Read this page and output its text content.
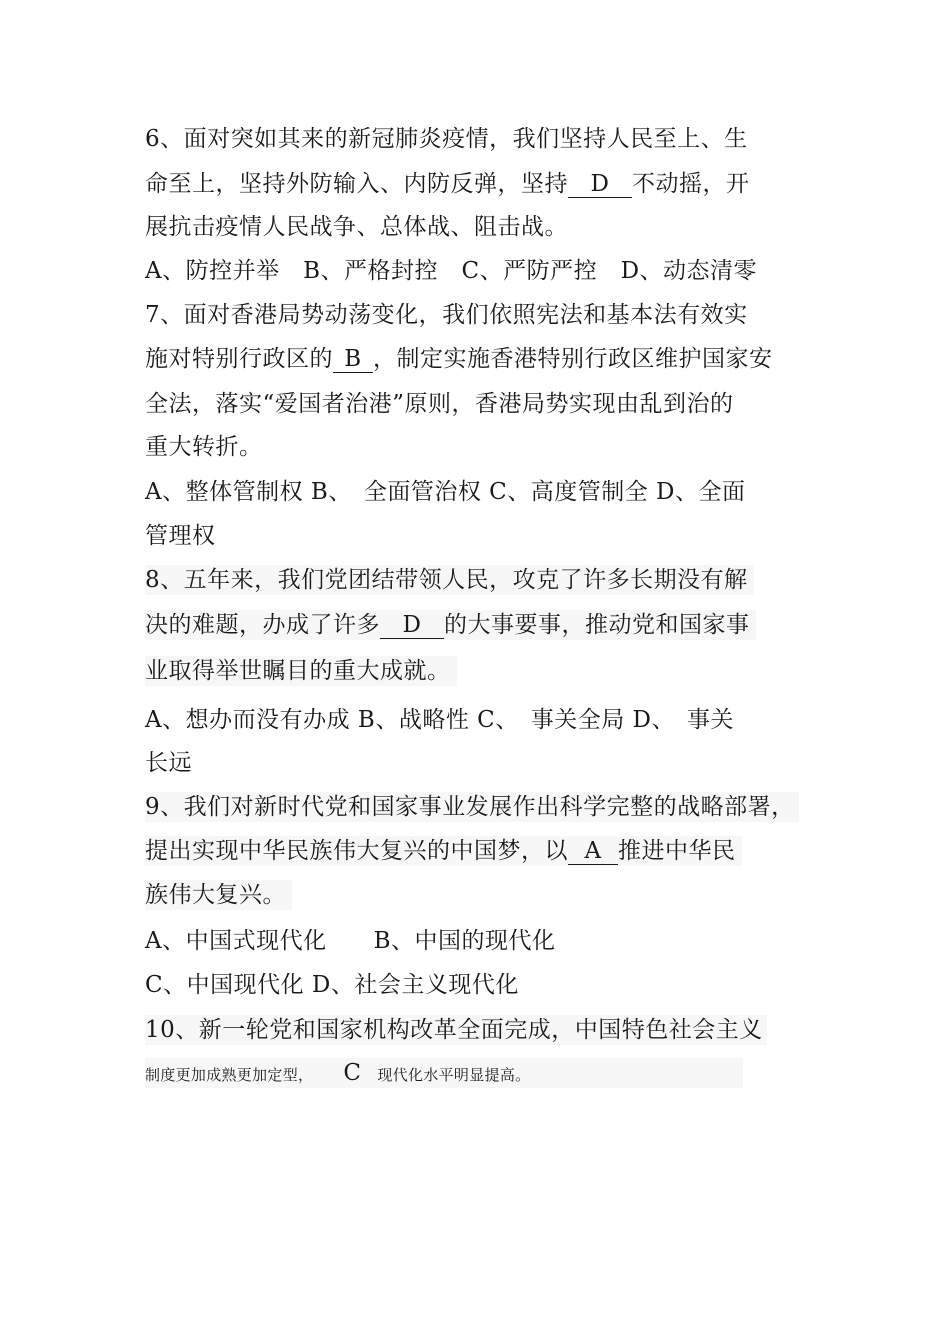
6、面对突如其来的新冠肺炎疫情，我们坚持人民至上、生
命至上，坚持外防输入、内防反弹，坚持 D 不动摇，开
展抗击疫情人民战争、总体战、阻击战。
A、防控并举　B、严格封控　C、严防严控　D、动态清零
7、面对香港局势动荡变化，我们依照宪法和基本法有效实
施对特别行政区的 B ，制定实施香港特别行政区维护国家安
全法，落实“爱国者治港”原则，香港局势实现由乱到治的
重大转折。
A、整体管制权 B、　全面管治权 C、高度管制全 D、全面
管理权
8、五年来，我们党团结带领人民，攻克了许多长期没有解
决的难题，办成了许多 D 的大事要事，推动党和国家事
业取得举世瞩目的重大成就。
A、想办而没有办成 B、战略性 C、　事关全局 D、　事关
长远
9、我们对新时代党和国家事业发展作出科学完整的战略部署，
提出实现中华民族伟大复兴的中国梦，以 A 推进中华民
族伟大复兴。
A、中国式现代化　　B、中国的现代化
C、中国现代化 D、社会主义现代化
10、新一轮党和国家机构改革全面完成，中国特色社会主义
制度更加成熟更加定型， C 现代化水平明显提高。
